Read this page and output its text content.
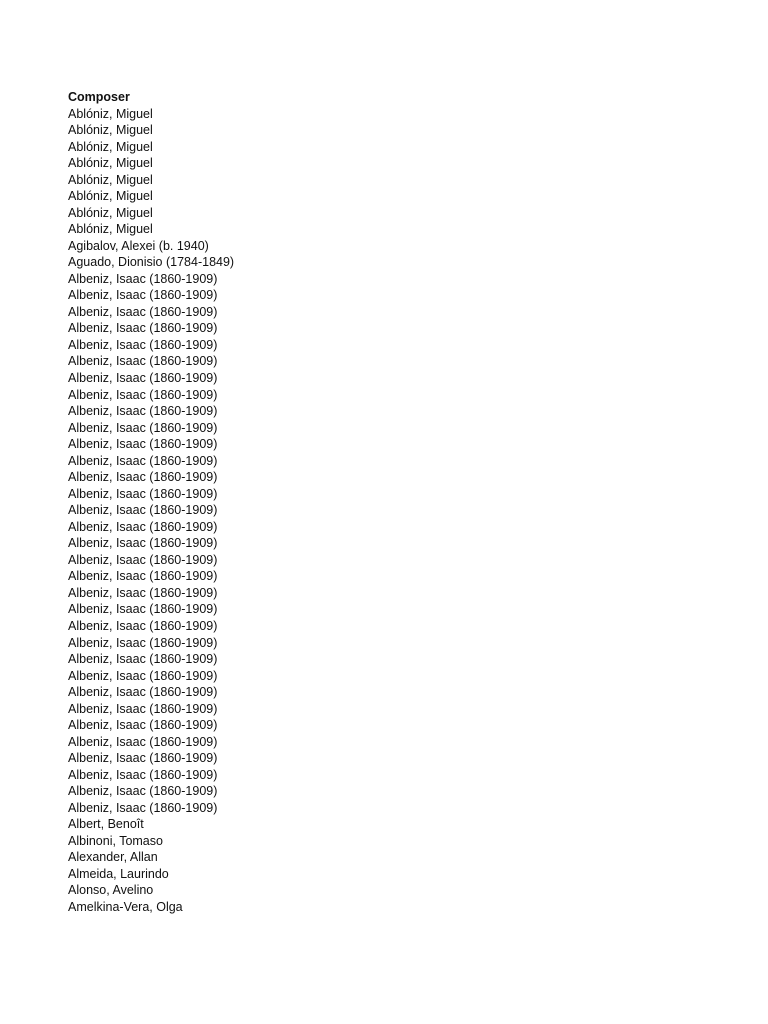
Composer
Ablóniz, Miguel
Ablóniz, Miguel
Ablóniz, Miguel
Ablóniz, Miguel
Ablóniz, Miguel
Ablóniz, Miguel
Ablóniz, Miguel
Ablóniz, Miguel
Agibalov, Alexei (b. 1940)
Aguado, Dionisio (1784-1849)
Albeniz, Isaac (1860-1909)
Albeniz, Isaac (1860-1909)
Albeniz, Isaac (1860-1909)
Albeniz, Isaac (1860-1909)
Albeniz, Isaac (1860-1909)
Albeniz, Isaac (1860-1909)
Albeniz, Isaac (1860-1909)
Albeniz, Isaac (1860-1909)
Albeniz, Isaac (1860-1909)
Albeniz, Isaac (1860-1909)
Albeniz, Isaac (1860-1909)
Albeniz, Isaac (1860-1909)
Albeniz, Isaac (1860-1909)
Albeniz, Isaac (1860-1909)
Albeniz, Isaac (1860-1909)
Albeniz, Isaac (1860-1909)
Albeniz, Isaac (1860-1909)
Albeniz, Isaac (1860-1909)
Albeniz, Isaac (1860-1909)
Albeniz, Isaac (1860-1909)
Albeniz, Isaac (1860-1909)
Albeniz, Isaac (1860-1909)
Albeniz, Isaac (1860-1909)
Albeniz, Isaac (1860-1909)
Albeniz, Isaac (1860-1909)
Albeniz, Isaac (1860-1909)
Albeniz, Isaac (1860-1909)
Albeniz, Isaac (1860-1909)
Albeniz, Isaac (1860-1909)
Albeniz, Isaac (1860-1909)
Albeniz, Isaac (1860-1909)
Albeniz, Isaac (1860-1909)
Albeniz, Isaac (1860-1909)
Albert, Benoît
Albinoni, Tomaso
Alexander, Allan
Almeida, Laurindo
Alonso, Avelino
Amelkina-Vera, Olga
